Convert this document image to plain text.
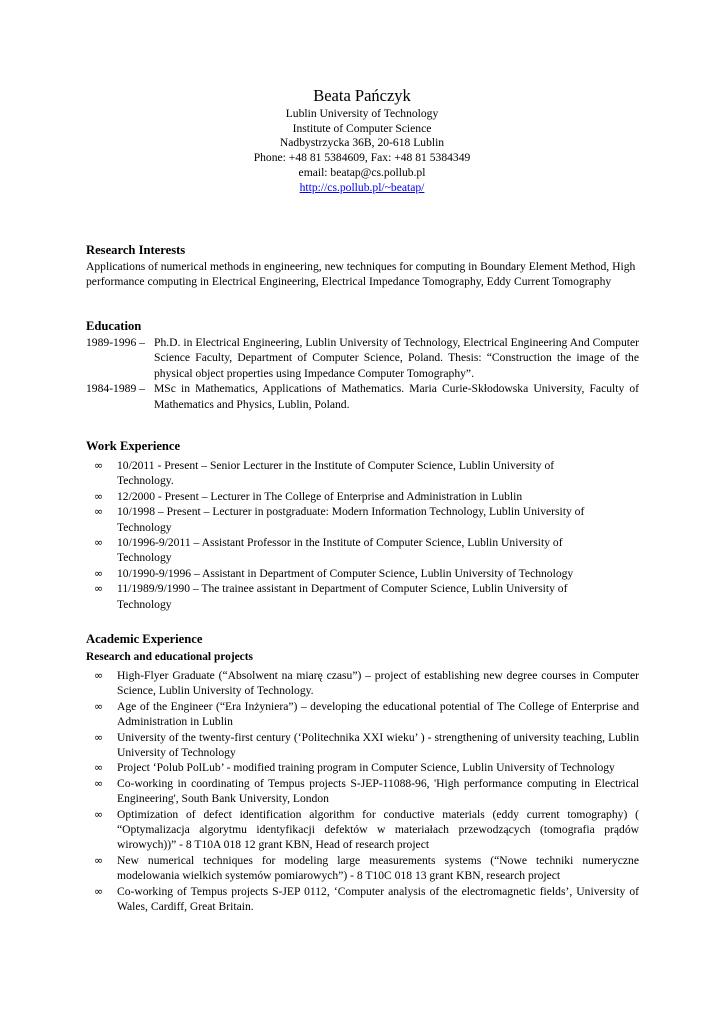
Beata Pańczyk
Lublin University of Technology
Institute of Computer Science
Nadbystrzycka 36B, 20-618 Lublin
Phone: +48 81 5384609, Fax: +48 81 5384349
email: beatap@cs.pollub.pl
http://cs.pollub.pl/~beatap/
Research Interests
Applications of numerical methods in engineering, new techniques for computing in Boundary Element Method, High performance computing in Electrical Engineering, Electrical Impedance Tomography, Eddy Current Tomography
Education
1989-1996 – Ph.D. in Electrical Engineering, Lublin University of Technology, Electrical Engineering And Computer Science Faculty, Department of Computer Science, Poland. Thesis: “Construction the image of the physical object properties using Impedance Computer Tomography”.
1984-1989 – MSc in Mathematics, Applications of Mathematics. Maria Curie-Skłodowska University, Faculty of Mathematics and Physics, Lublin, Poland.
Work Experience
∞ 10/2011 - Present – Senior Lecturer in the Institute of Computer Science, Lublin University of Technology.
∞ 12/2000 - Present – Lecturer in The College of Enterprise and Administration in Lublin
∞ 10/1998 – Present – Lecturer in postgraduate: Modern Information Technology, Lublin University of Technology
∞ 10/1996-9/2011 – Assistant Professor in the Institute of Computer Science, Lublin University of Technology
∞ 10/1990-9/1996 – Assistant in Department of Computer Science, Lublin University of Technology
∞ 11/1989/9/1990 – The trainee assistant in Department of Computer Science, Lublin University of Technology
Academic Experience
Research and educational projects
∞ High-Flyer Graduate (“Absolwent na miarę czasu”) – project of establishing new degree courses in Computer Science, Lublin University of Technology.
∞ Age of the Engineer (“Era Inżyniera”) – developing the educational potential of The College of Enterprise and Administration in Lublin
∞ University of the twenty-first century (‘Politechnika XXI wieku’ ) - strengthening of university teaching, Lublin University of Technology
∞ Project ‘Polub PolLub’ - modified training program in Computer Science, Lublin University of Technology
∞ Co-working in coordinating of Tempus projects S-JEP-11088-96, 'High performance computing in Electrical Engineering', South Bank University, London
∞ Optimization of defect identification algorithm for conductive materials (eddy current tomography) ( “Optymalizacja algorytmu identyfikacji defektów w materiałach przewodzących (tomografia prądów wirowych))” - 8 T10A 018 12 grant KBN, Head of research project
∞ New numerical techniques for modeling large measurements systems (“Nowe techniki numeryczne modelowania wielkich systemów pomiarowych”) - 8 T10C 018 13 grant KBN, research project
∞ Co-working of Tempus projects S-JEP 0112, ‘Computer analysis of the electromagnetic fields’, University of Wales, Cardiff, Great Britain.
